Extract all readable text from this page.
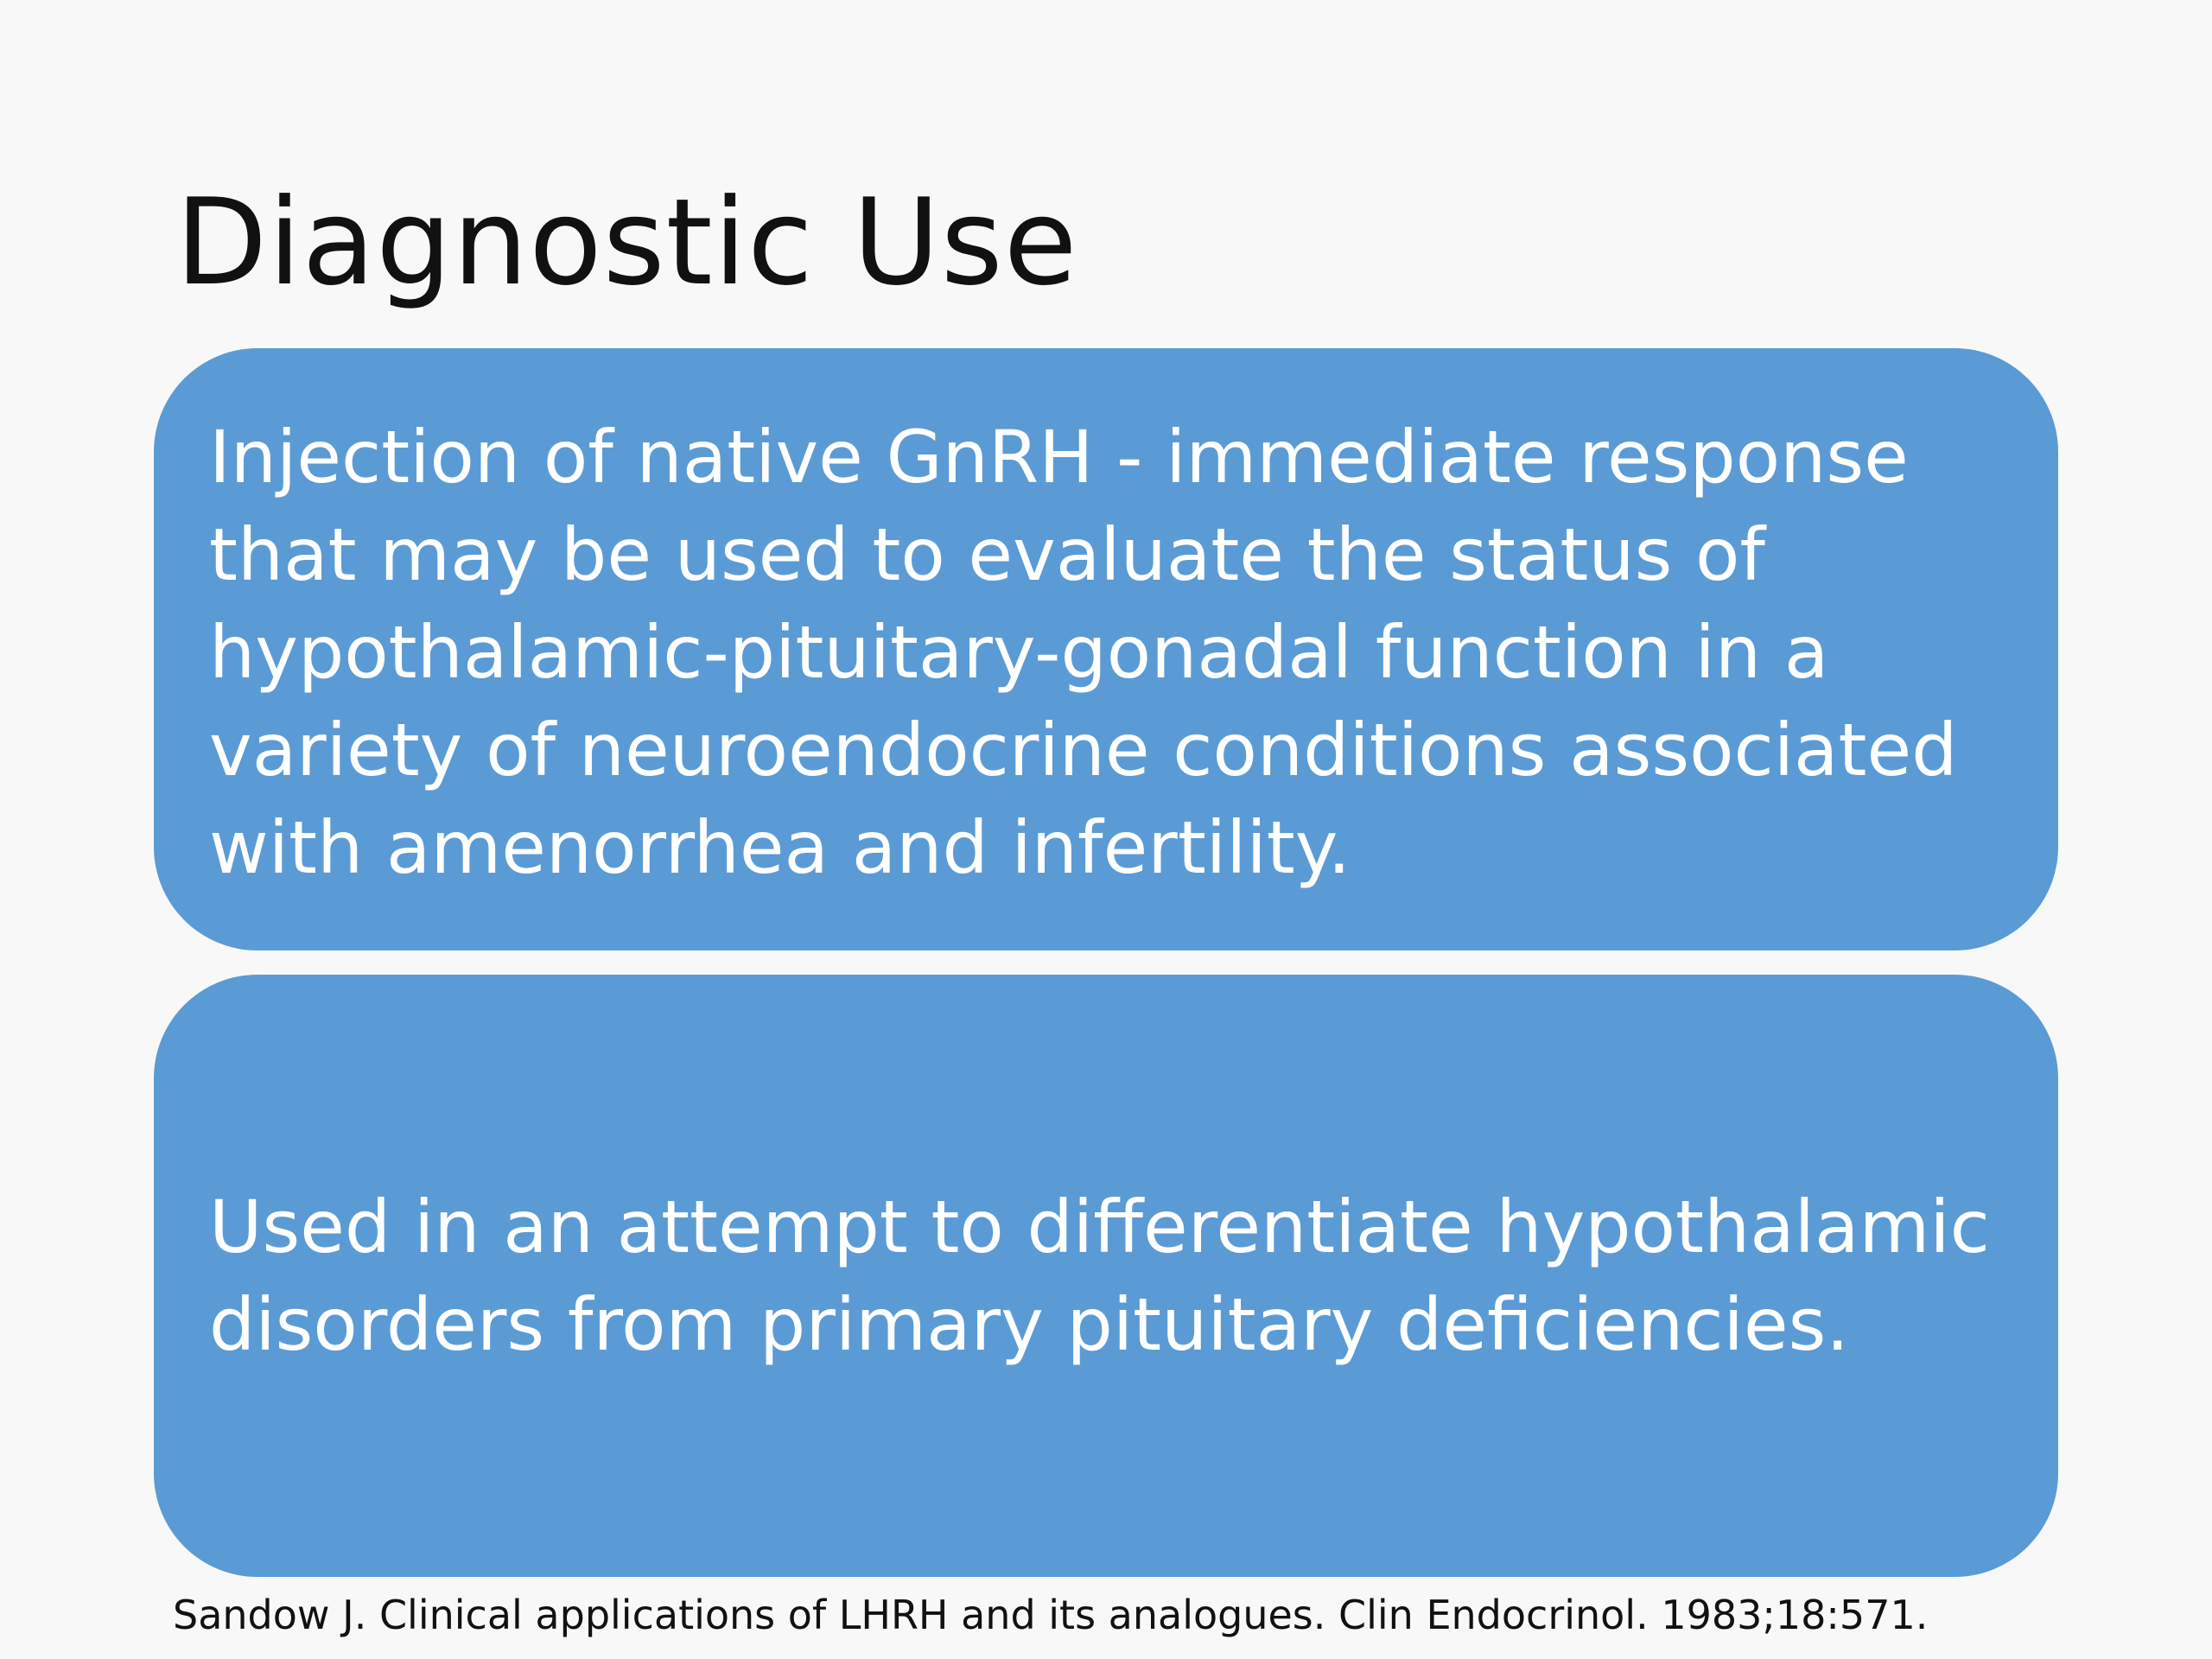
Diagnostic Use

Injection of native GnRH - immediate response
that may be used to evaluate the status of
hypothalamic-pituitary-gonadal function in a
variety of neuroendocrine conditions associated
with amenorrhea and infertility.

Used in an attempt to differentiate hypothalamic
disorders from primary pituitary deficiencies.

Sandow J. Clinical applications of LHRH and its analogues. Clin Endocrinol. 1983;18:571.
